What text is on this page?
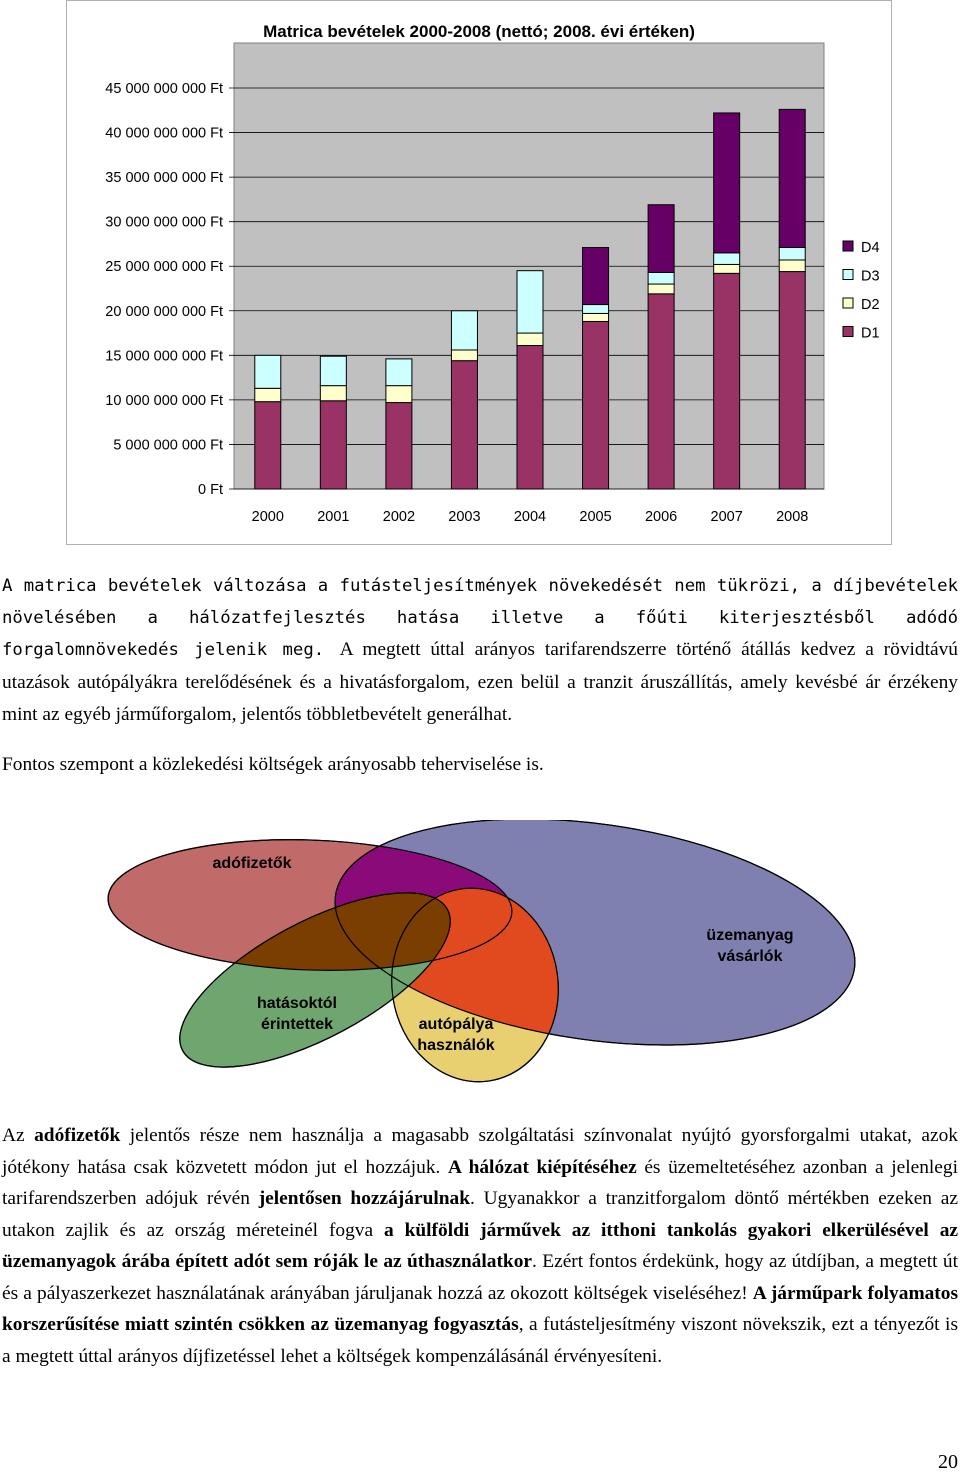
Matrica bevételek 2000-2008 (nettó; 2008. évi értéken)
0 Ft
5 000 000 000 Ft
10 000 000 000 Ft
15 000 000 000 Ft
20 000 000 000 Ft
25 000 000 000 Ft
30 000 000 000 Ft
35 000 000 000 Ft
40 000 000 000 Ft
45 000 000 000 Ft
2000 2001 2002 2003 2004 2005 2006 2007 2008
D4
D3
D2
D1

A matrica bevételek változása a futásteljesítmények növekedését nem tükrözi, a díjbevételek növelésében a hálózatfejlesztés hatása illetve a főúti kiterjesztésből adódó forgalomnövekedés jelenik meg. A megtett úttal arányos tarifarendszerre történő átállás kedvez a rövidtávú utazások autópályákra terelődésének és a hivatásforgalom, ezen belül a tranzit áruszállítás, amely kevésbé ár érzékeny mint az egyéb járműforgalom, jelentős többletbevételt generálhat.

Fontos szempont a közlekedési költségek arányosabb teherviselése is.

adófizetők
üzemanyag
vásárlók
hatásoktól
érintettek	autópálya
használók

Az adófizetők jelentős része nem használja a magasabb szolgáltatási színvonalat nyújtó gyorsforgalmi utakat, azok jótékony hatása csak közvetett módon jut el hozzájuk. A hálózat kiépítéséhez és üzemeltetéséhez azonban a jelenlegi tarifarendszerben adójuk révén jelentősen hozzájárulnak. Ugyanakkor a tranzitforgalom döntő mértékben ezeken az utakon zajlik és az ország méreteinél fogva a külföldi járművek az itthoni tankolás gyakori elkerülésével az üzemanyagok árába épített adót sem róják le az úthasználatkor. Ezért fontos érdekünk, hogy az útdíjban, a megtett út és a pályaszerkezet használatának arányában járuljanak hozzá az okozott költségek viseléséhez! A járműpark folyamatos korszerűsítése miatt szintén csökken az üzemanyag fogyasztás, a futásteljesítmény viszont növekszik, ezt a tényezőt is a megtett úttal arányos díjfizetéssel lehet a költségek kompenzálásánál érvényesíteni.

20
